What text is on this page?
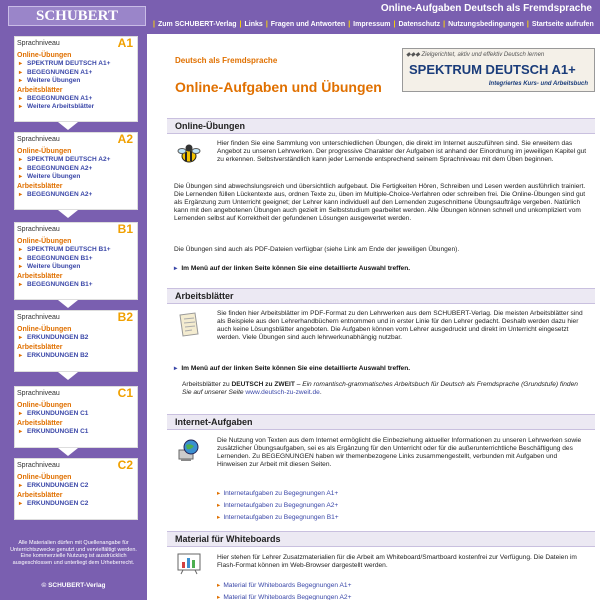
SCHUBERT	Online-Aufgaben Deutsch als Fremdsprache
| Zum SCHUBERT-Verlag | Links | Fragen und Antworten | Impressum | Datenschutz | Nutzungsbedingungen | Startseite aufrufen
Sprachniveau	A1
Online-Übungen
▸ SPEKTRUM DEUTSCH A1+
▸ BEGEGNUNGEN A1+
▸ Weitere Übungen
Arbeitsblätter
▸ BEGEGNUNGEN A1+
▸ Weitere Arbeitsblätter
Sprachniveau	A2
Online-Übungen
▸ SPEKTRUM DEUTSCH A2+
▸ BEGEGNUNGEN A2+
▸ Weitere Übungen
Arbeitsblätter
▸ BEGEGNUNGEN A2+
Sprachniveau	B1
Online-Übungen
▸ SPEKTRUM DEUTSCH B1+
▸ BEGEGNUNGEN B1+
▸ Weitere Übungen
Arbeitsblätter
▸ BEGEGNUNGEN B1+
Sprachniveau	B2
Online-Übungen
▸ ERKUNDUNGEN B2
Arbeitsblätter
▸ ERKUNDUNGEN B2
Sprachniveau	C1
Online-Übungen
▸ ERKUNDUNGEN C1
Arbeitsblätter
▸ ERKUNDUNGEN C1
Sprachniveau	C2
Online-Übungen
▸ ERKUNDUNGEN C2
Arbeitsblätter
▸ ERKUNDUNGEN C2
Alle Materialien dürfen mit Quellenangabe für Unterrichtszwecke genutzt und vervielfältigt werden. Eine kommerzielle Nutzung ist ausdrücklich ausgeschlossen und unterliegt dem Urheberrecht.
© SCHUBERT-Verlag
Deutsch als Fremdsprache
Online-Aufgaben und Übungen
◆◆◆ Zielgerichtet, aktiv und effektiv Deutsch lernen
SPEKTRUM DEUTSCH A1+
Integriertes Kurs- und Arbeitsbuch
Online-Übungen
Hier finden Sie eine Sammlung von unterschiedlichen Übungen, die direkt im Internet auszuführen sind. Sie erweitern das Angebot zu unseren Lehrwerken. Der progressive Charakter der Aufgaben ist anhand der Einordnung im jeweiligen Kapitel gut zu erkennen. Selbstverständlich kann jeder Lernende entsprechend seinem Sprachniveau mit dem Üben beginnen.
Die Übungen sind abwechslungsreich und übersichtlich aufgebaut. Die Fertigkeiten Hören, Schreiben und Lesen werden ausführlich trainiert. Die Lernenden füllen Lückentexte aus, ordnen Texte zu, üben im Multiple-Choice-Verfahren oder schreiben frei. Die Online-Übungen sind gut als Ergänzung zum Unterricht geeignet; der Lehrer kann individuell auf den Lernenden zugeschnittene Übungsaufträge vergeben. Natürlich kann mit den angebotenen Übungen auch gezielt im Selbststudium gearbeitet werden. Alle Übungen können schnell und unkompliziert vom Lernenden selbst auf Korrektheit der gefundenen Lösungen ausgewertet werden.
Die Übungen sind auch als PDF-Dateien verfügbar (siehe Link am Ende der jeweiligen Übungen).
▸ Im Menü auf der linken Seite können Sie eine detaillierte Auswahl treffen.
Arbeitsblätter
Sie finden hier Arbeitsblätter im PDF-Format zu den Lehrwerken aus dem SCHUBERT-Verlag. Die meisten Arbeitsblätter sind als Beispiele aus den Lehrerhandbüchern entnommen und in erster Linie für den Lehrer gedacht. Deshalb werden dazu hier auch keine Lösungsblätter angeboten. Die Aufgaben können vom Lehrer ausgedruckt und direkt im Unterricht eingesetzt werden. Viele Übungen sind auch lehrwerkunabhängig nutzbar.
▸ Im Menü auf der linken Seite können Sie eine detaillierte Auswahl treffen.
Arbeitsblätter zu DEUTSCH zu ZWEIT – Ein romantisch-grammatisches Arbeitsbuch für Deutsch als Fremdsprache (Grundstufe) finden Sie auf unserer Seite www.deutsch-zu-zweit.de.
Internet-Aufgaben
Die Nutzung von Texten aus dem Internet ermöglicht die Einbeziehung aktueller Informationen zu unseren Lehrwerken sowie zusätzlicher Übungsaufgaben, sei es als Ergänzung für den Unterricht oder für die außerunterrichtliche Beschäftigung des Lernenden. Zu BEGEGNUNGEN haben wir themenbezogene Links zusammengestellt, verbunden mit Aufgaben und Hinweisen zur Arbeit mit diesen Seiten.
▸ Internetaufgaben zu Begegnungen A1+
▸ Internetaufgaben zu Begegnungen A2+
▸ Internetaufgaben zu Begegnungen B1+
Material für Whiteboards
Hier stehen für Lehrer Zusatzmaterialien für die Arbeit am Whiteboard/Smartboard kostenfrei zur Verfügung. Die Dateien im Flash-Format können im Web-Browser dargestellt werden.
▸ Material für Whiteboards Begegnungen A1+
▸ Material für Whiteboards Begegnungen A2+
